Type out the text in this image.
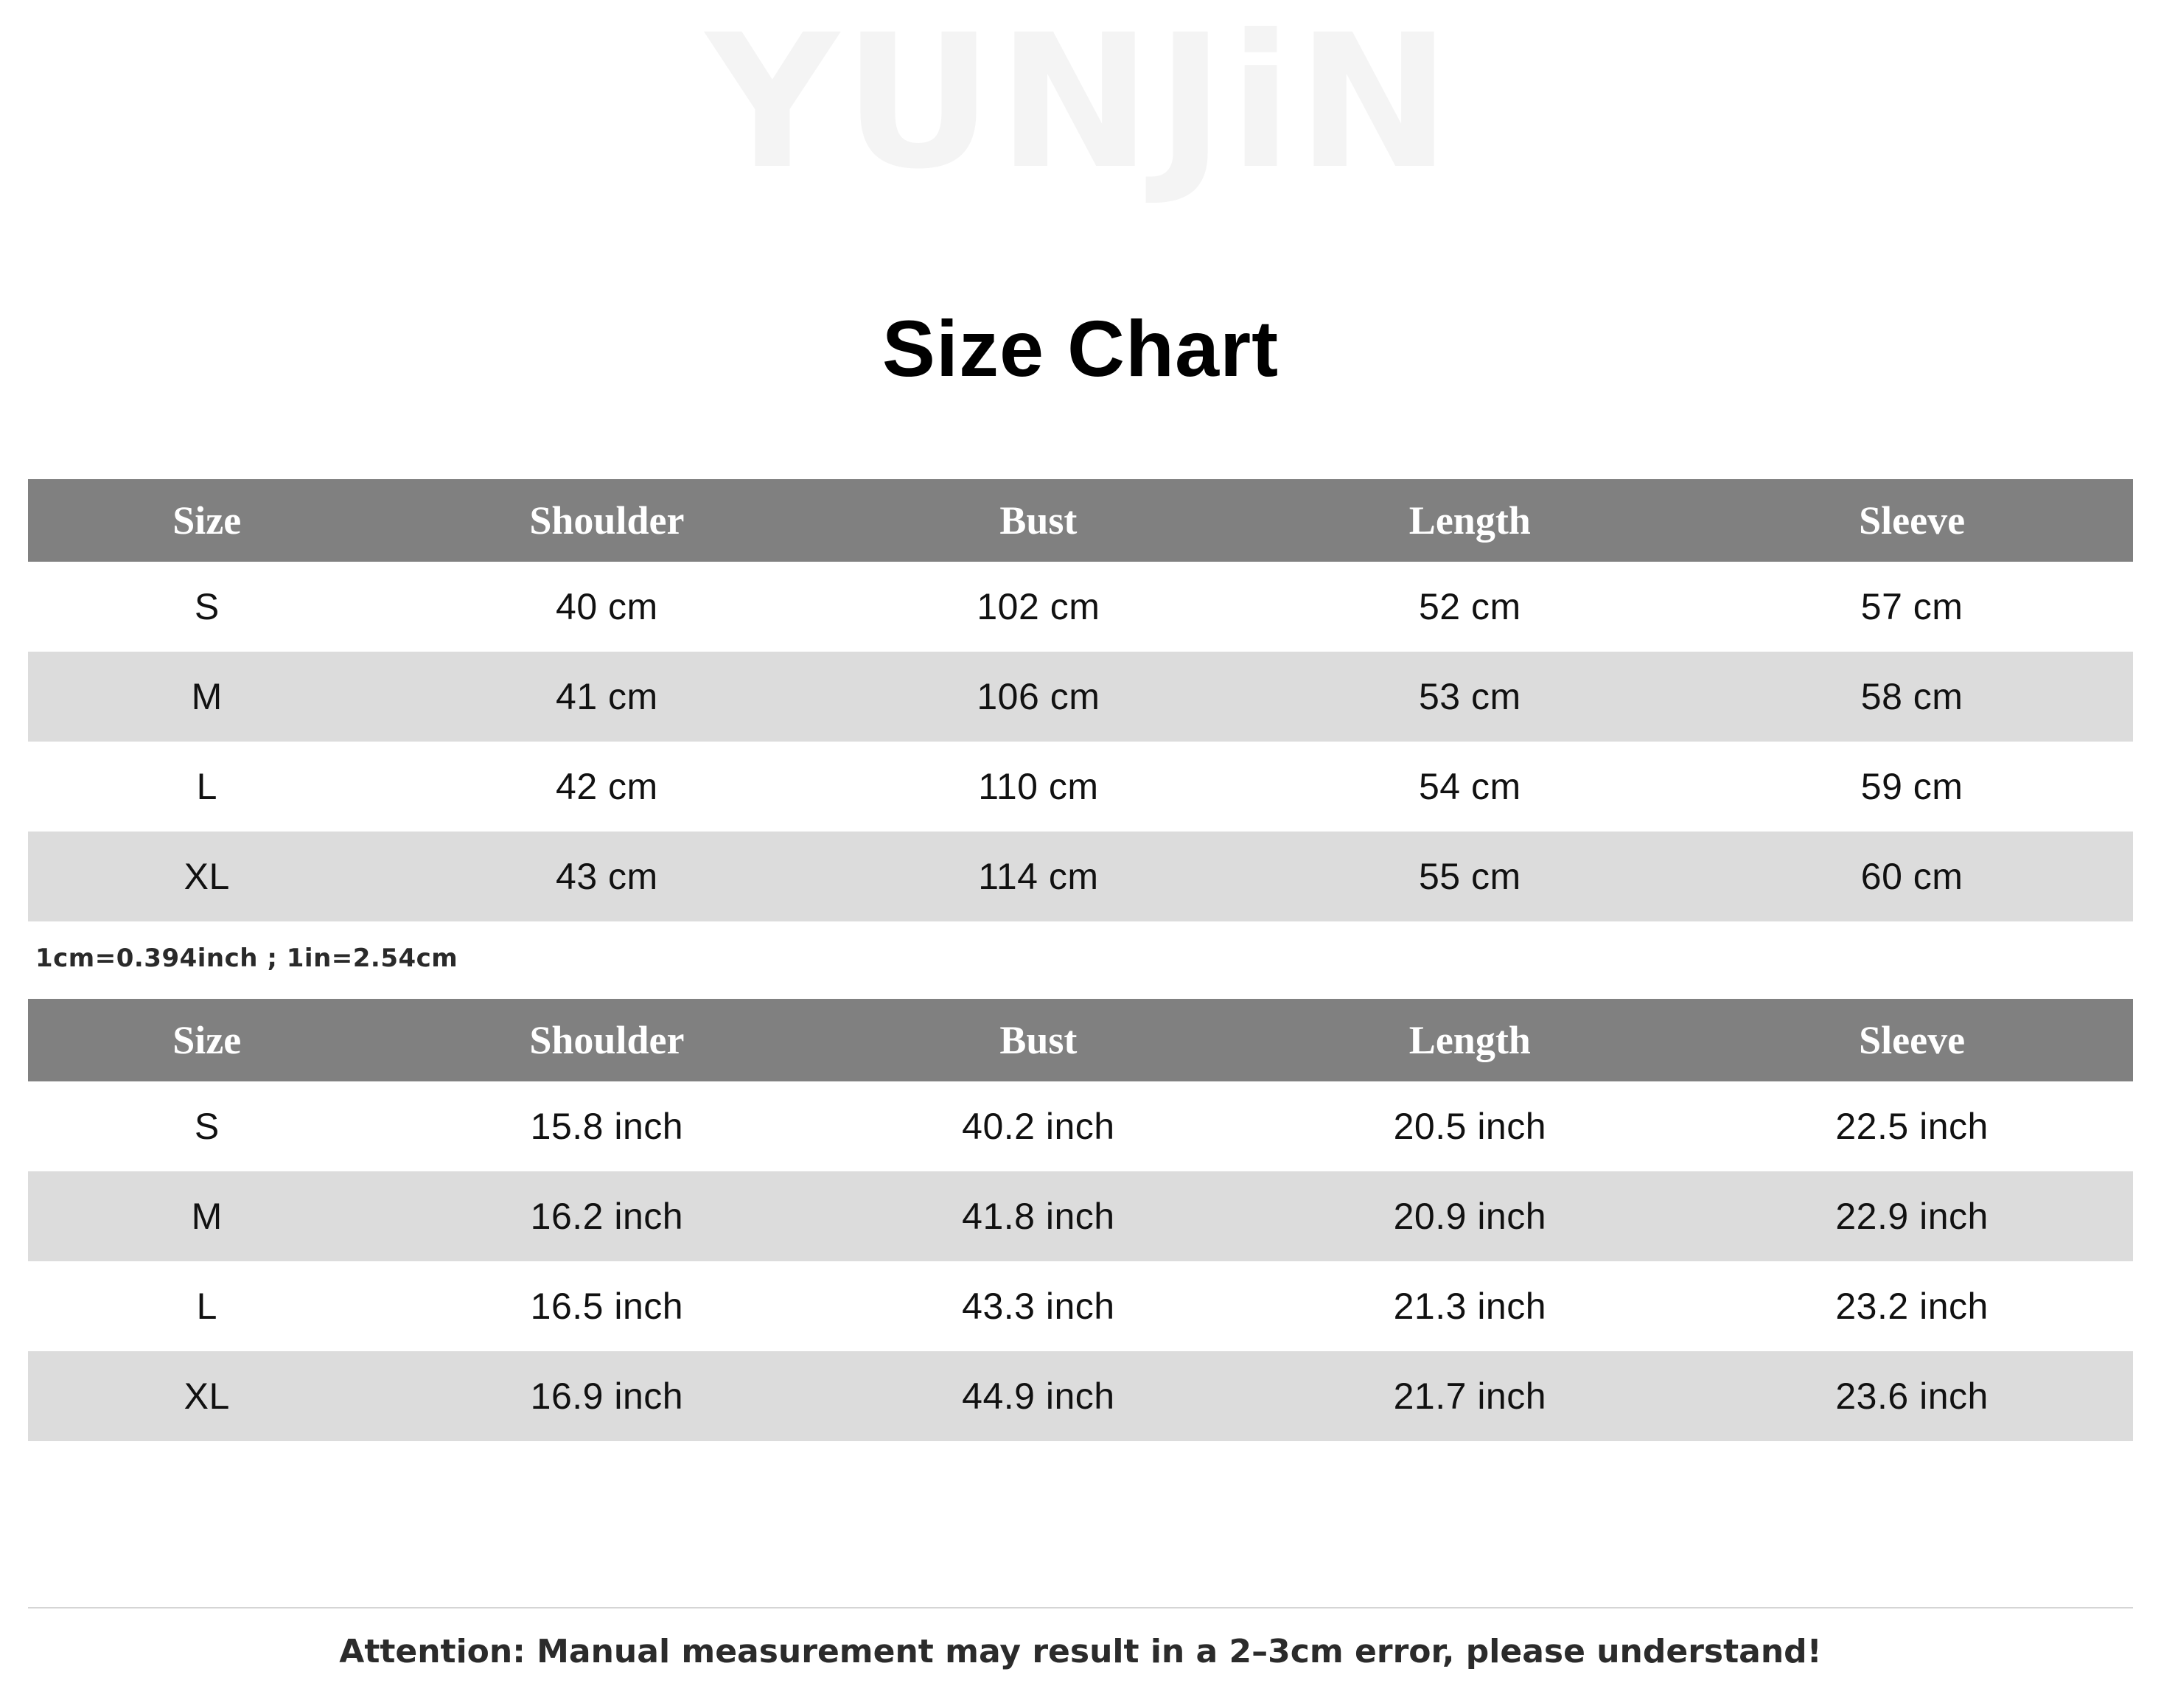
YUNJiN
Size Chart
Size	Shoulder	Bust	Length	Sleeve
S	40 cm	102 cm	52 cm	57 cm
M	41 cm	106 cm	53 cm	58 cm
L	42 cm	110 cm	54 cm	59 cm
XL	43 cm	114 cm	55 cm	60 cm
1cm=0.394inch ; 1in=2.54cm
Size	Shoulder	Bust	Length	Sleeve
S	15.8 inch	40.2 inch	20.5 inch	22.5 inch
M	16.2 inch	41.8 inch	20.9 inch	22.9 inch
L	16.5 inch	43.3 inch	21.3 inch	23.2 inch
XL	16.9 inch	44.9 inch	21.7 inch	23.6 inch
Attention: Manual measurement may result in a 2–3cm error, please understand!
